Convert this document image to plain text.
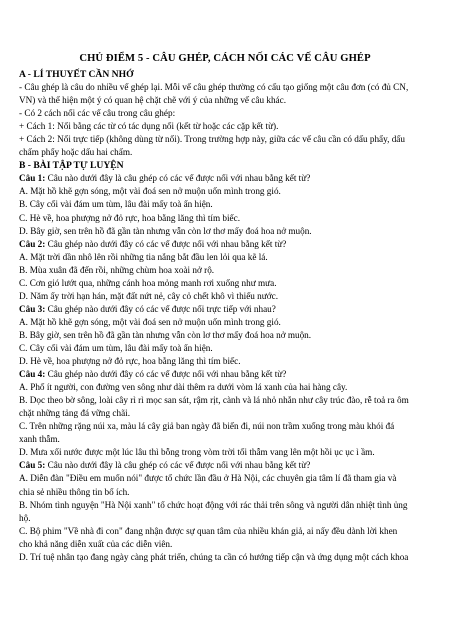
CHỦ ĐIỂM 5 - CÂU GHÉP, CÁCH NỐI CÁC VẾ CÂU GHÉP

A - LÍ THUYẾT CẦN NHỚ

- Câu ghép là câu do nhiều vế ghép lại. Mỗi vế câu ghép thường có cấu tạo giống một câu đơn (có đủ CN,

VN) và thể hiện một ý có quan hệ chặt chẽ với ý của những vế câu khác.

- Có 2 cách nối các vế câu trong câu ghép:

+ Cách 1: Nối bằng các từ có tác dụng nối (kết từ hoặc các cặp kết từ).

+ Cách 2: Nối trực tiếp (không dùng từ nối). Trong trường hợp này, giữa các vế câu cần có dấu phẩy, dấu

chấm phẩy hoặc dấu hai chấm.

B - BÀI TẬP TỰ LUYỆN

Câu 1: Câu nào dưới đây là câu ghép có các vế được nối với nhau bằng kết từ?

A. Mặt hồ khẽ gợn sóng, một vài đoá sen nở muộn uốn mình trong gió.

B. Cây cối vài đám um tùm, lâu đài mấy toà ẩn hiện.

C. Hè về, hoa phượng nở đỏ rực, hoa bằng lăng thì tím biếc.

D. Bây giờ, sen trên hồ đã gần tàn nhưng vẫn còn lơ thơ mấy đoá hoa nở muộn.

Câu 2: Câu ghép nào dưới đây có các vế được nối với nhau bằng kết từ?

A. Mặt trời dần nhô lên rồi những tia nắng bắt đầu len lỏi qua kẽ lá.

B. Mùa xuân đã đến rồi, những chùm hoa xoài nở rộ.

C. Cơn gió lướt qua, những cánh hoa mỏng manh rơi xuống như mưa.

D. Năm ấy trời hạn hán, mặt đất nứt nẻ, cây cỏ chết khô vì thiếu nước.

Câu 3: Câu ghép nào dưới đây có các vế được nối trực tiếp với nhau?

A. Mặt hồ khẽ gợn sóng, một vài đoá sen nở muộn uốn mình trong gió.

B. Bây giờ, sen trên hồ đã gần tàn nhưng vẫn còn lơ thơ mấy đoá hoa nở muộn.

C. Cây cối vài đám um tùm, lâu đài mấy toà ẩn hiện.

D. Hè về, hoa phượng nở đỏ rực, hoa bằng lăng thì tím biếc.

Câu 4: Câu ghép nào dưới đây có các vế được nối với nhau bằng kết từ?

A. Phố ít người, con đường ven sông như dài thêm ra dưới vòm lá xanh của hai hàng cây.

B. Dọc theo bờ sông, loài cây rì rì mọc san sát, rậm rịt, cành và lá nhỏ nhắn như cây trúc đào, rễ toả ra ôm

chặt những tảng đá vững chãi.

C. Trên những rặng núi xa, màu lá cây giả ban ngày đã biến đi, núi non trầm xuống trong màu khói đá

xanh thẫm.

D. Mưa xối nước được một lúc lâu thì bỗng trong vòm trời tối thẫm vang lên một hồi ục ục ì ầm.

Câu 5: Câu nào dưới đây là câu ghép có các vế được nối với nhau bằng kết từ?

A. Diễn đàn "Điều em muốn nói" được tổ chức lần đầu ở Hà Nội, các chuyên gia tâm lí đã tham gia và

chia sẻ nhiều thông tin bổ ích.

B. Nhóm tình nguyện "Hà Nội xanh" tổ chức hoạt động với rác thải trên sông và người dân nhiệt tình ủng

hộ.

C. Bộ phim "Về nhà đi con" đang nhận được sự quan tâm của nhiều khán giả, ai nấy đều dành lời khen

cho khả năng diễn xuất của các diễn viên.

D. Trí tuệ nhân tạo đang ngày càng phát triển, chúng ta cần có hướng tiếp cận và ứng dụng một cách khoa
